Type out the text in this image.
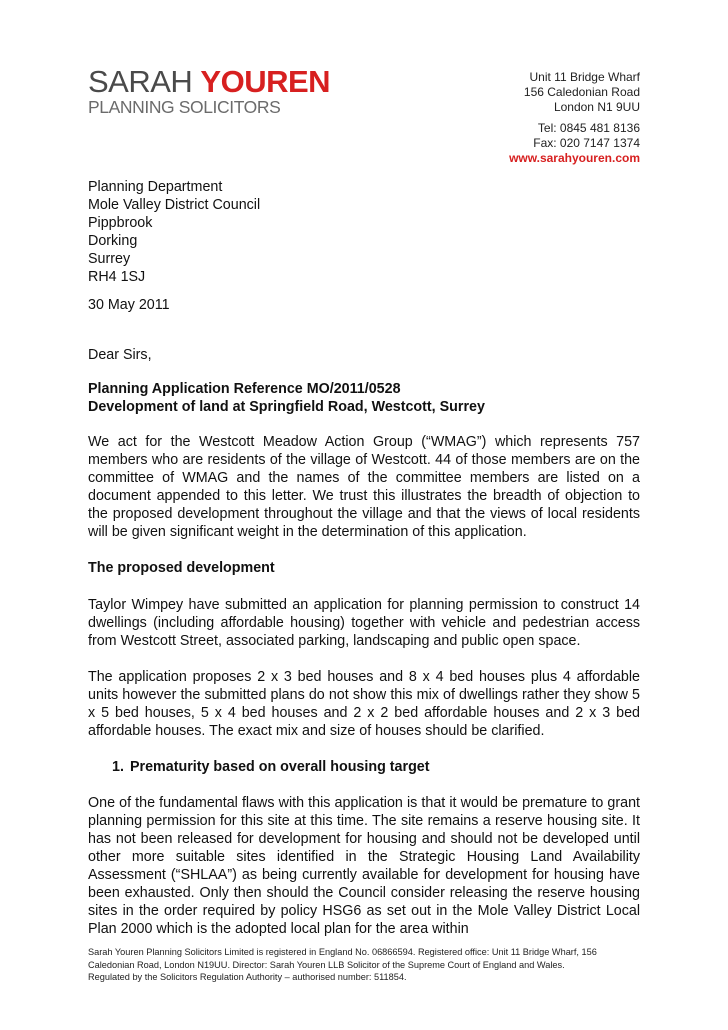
SARAH YOUREN
PLANNING SOLICITORS
Unit 11 Bridge Wharf
156 Caledonian Road
London N1 9UU
Tel: 0845 481 8136
Fax: 020 7147 1374
www.sarahyouren.com
Planning Department
Mole Valley District Council
Pippbrook
Dorking
Surrey
RH4 1SJ
30 May 2011
Dear Sirs,
Planning Application Reference MO/2011/0528
Development of land at Springfield Road, Westcott, Surrey

We act for the Westcott Meadow Action Group (“WMAG”) which represents 757 members who are residents of the village of Westcott. 44 of those members are on the committee of WMAG and the names of the committee members are listed on a document appended to this letter. We trust this illustrates the breadth of objection to the proposed development throughout the village and that the views of local residents will be given significant weight in the determination of this application.

The proposed development

Taylor Wimpey have submitted an application for planning permission to construct 14 dwellings (including affordable housing) together with vehicle and pedestrian access from Westcott Street, associated parking, landscaping and public open space.

The application proposes 2 x 3 bed houses and 8 x 4 bed houses plus 4 affordable units however the submitted plans do not show this mix of dwellings rather they show 5 x 5 bed houses, 5 x 4 bed houses and 2 x 2 bed affordable houses and 2 x 3 bed affordable houses. The exact mix and size of houses should be clarified.

1. Prematurity based on overall housing target

One of the fundamental flaws with this application is that it would be premature to grant planning permission for this site at this time. The site remains a reserve housing site. It has not been released for development for housing and should not be developed until other more suitable sites identified in the Strategic Housing Land Availability Assessment (“SHLAA”) as being currently available for development for housing have been exhausted. Only then should the Council consider releasing the reserve housing sites in the order required by policy HSG6 as set out in the Mole Valley District Local Plan 2000 which is the adopted local plan for the area within

Sarah Youren Planning Solicitors Limited is registered in England No. 06866594. Registered office: Unit 11 Bridge Wharf, 156
Caledonian Road, London N19UU. Director: Sarah Youren LLB Solicitor of the Supreme Court of England and Wales.
Regulated by the Solicitors Regulation Authority – authorised number: 511854.
